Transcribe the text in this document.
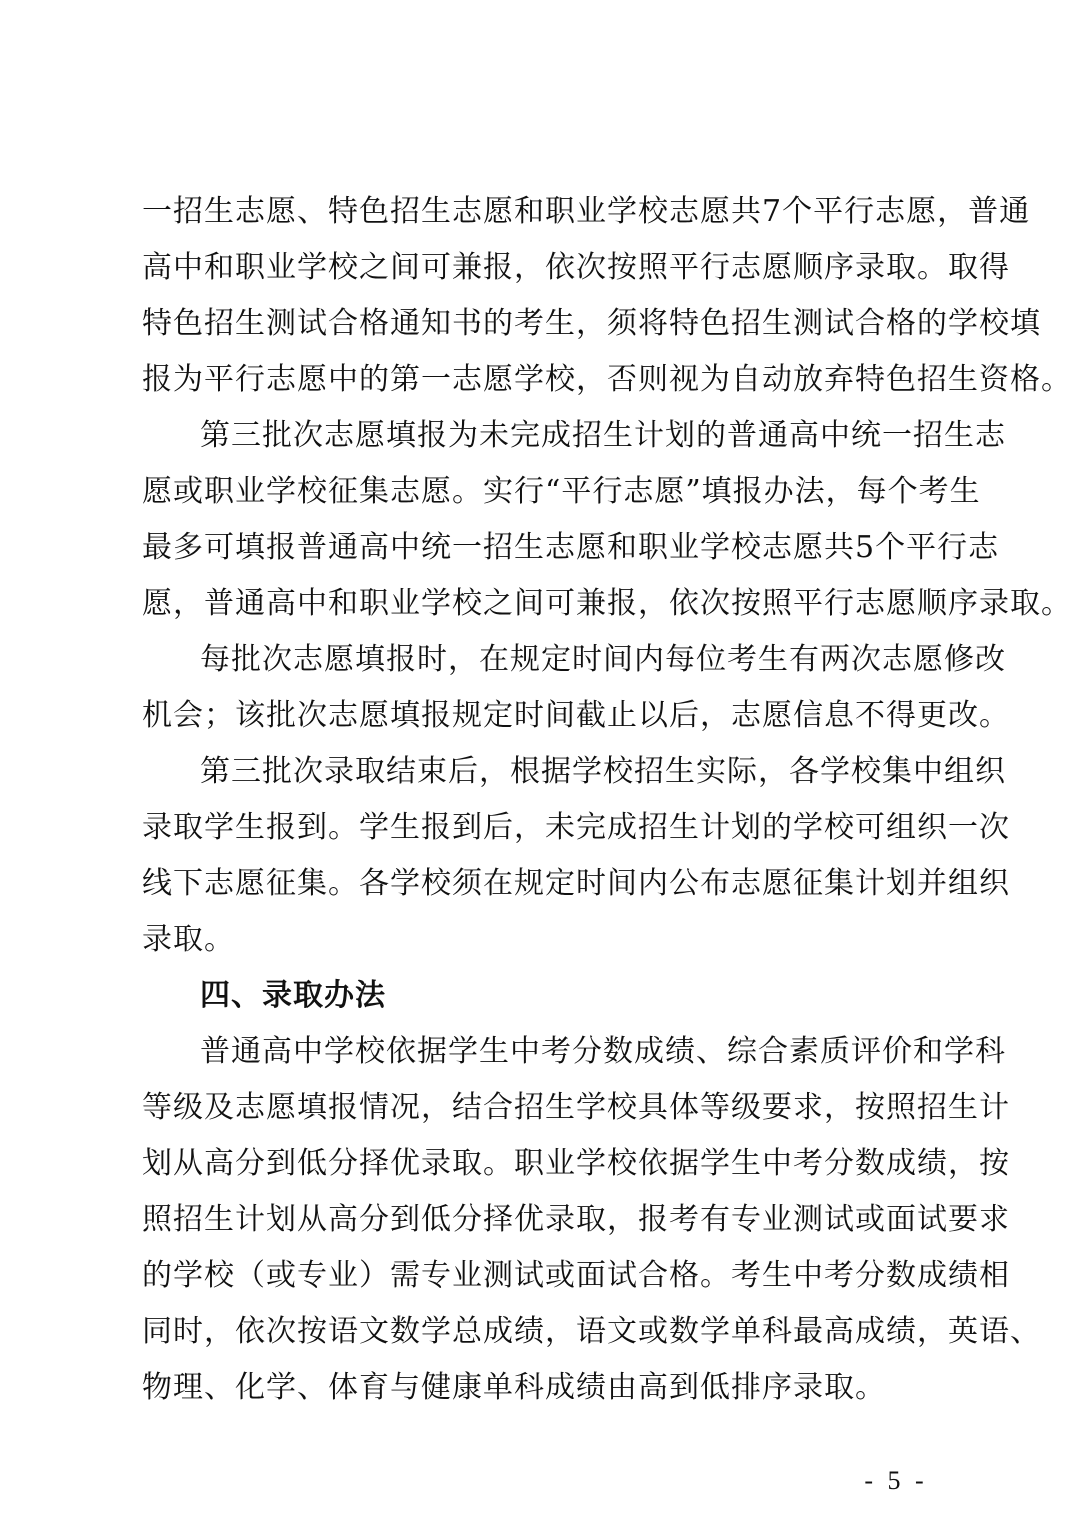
一招生志愿、特色招生志愿和职业学校志愿共7个平行志愿，普通
高中和职业学校之间可兼报，依次按照平行志愿顺序录取。取得
特色招生测试合格通知书的考生，须将特色招生测试合格的学校填
报为平行志愿中的第一志愿学校，否则视为自动放弃特色招生资格。
第三批次志愿填报为未完成招生计划的普通高中统一招生志
愿或职业学校征集志愿。实行“平行志愿”填报办法，每个考生
最多可填报普通高中统一招生志愿和职业学校志愿共5个平行志
愿，普通高中和职业学校之间可兼报，依次按照平行志愿顺序录取。
每批次志愿填报时，在规定时间内每位考生有两次志愿修改
机会；该批次志愿填报规定时间截止以后，志愿信息不得更改。
第三批次录取结束后，根据学校招生实际，各学校集中组织
录取学生报到。学生报到后，未完成招生计划的学校可组织一次
线下志愿征集。各学校须在规定时间内公布志愿征集计划并组织
录取。
四、录取办法
普通高中学校依据学生中考分数成绩、综合素质评价和学科
等级及志愿填报情况，结合招生学校具体等级要求，按照招生计
划从高分到低分择优录取。职业学校依据学生中考分数成绩，按
照招生计划从高分到低分择优录取，报考有专业测试或面试要求
的学校（或专业）需专业测试或面试合格。考生中考分数成绩相
同时，依次按语文数学总成绩，语文或数学单科最高成绩，英语、
物理、化学、体育与健康单科成绩由高到低排序录取。
- 5 -
